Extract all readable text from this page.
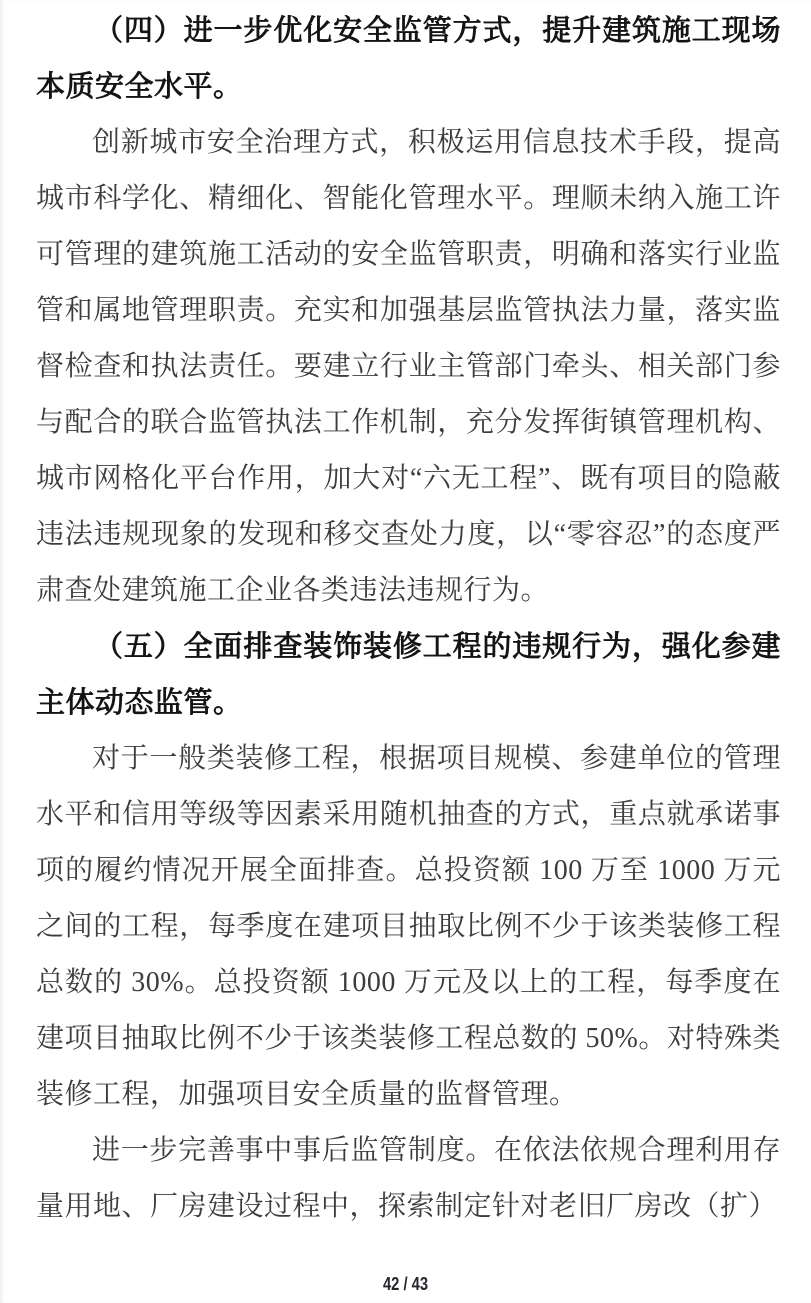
（四）进一步优化安全监管方式，提升建筑施工现场本质安全水平。

创新城市安全治理方式，积极运用信息技术手段，提高城市科学化、精细化、智能化管理水平。理顺未纳入施工许可管理的建筑施工活动的安全监管职责，明确和落实行业监管和属地管理职责。充实和加强基层监管执法力量，落实监督检查和执法责任。要建立行业主管部门牵头、相关部门参与配合的联合监管执法工作机制，充分发挥街镇管理机构、城市网格化平台作用，加大对“六无工程”、既有项目的隐蔽违法违规现象的发现和移交查处力度，以“零容忍”的态度严肃查处建筑施工企业各类违法违规行为。

（五）全面排查装饰装修工程的违规行为，强化参建主体动态监管。

对于一般类装修工程，根据项目规模、参建单位的管理水平和信用等级等因素采用随机抽查的方式，重点就承诺事项的履约情况开展全面排查。总投资额 100 万至 1000 万元之间的工程，每季度在建项目抽取比例不少于该类装修工程总数的 30%。总投资额 1000 万元及以上的工程，每季度在建项目抽取比例不少于该类装修工程总数的 50%。对特殊类装修工程，加强项目安全质量的监督管理。

进一步完善事中事后监管制度。在依法依规合理利用存量用地、厂房建设过程中，探索制定针对老旧厂房改（扩）

42 / 43
